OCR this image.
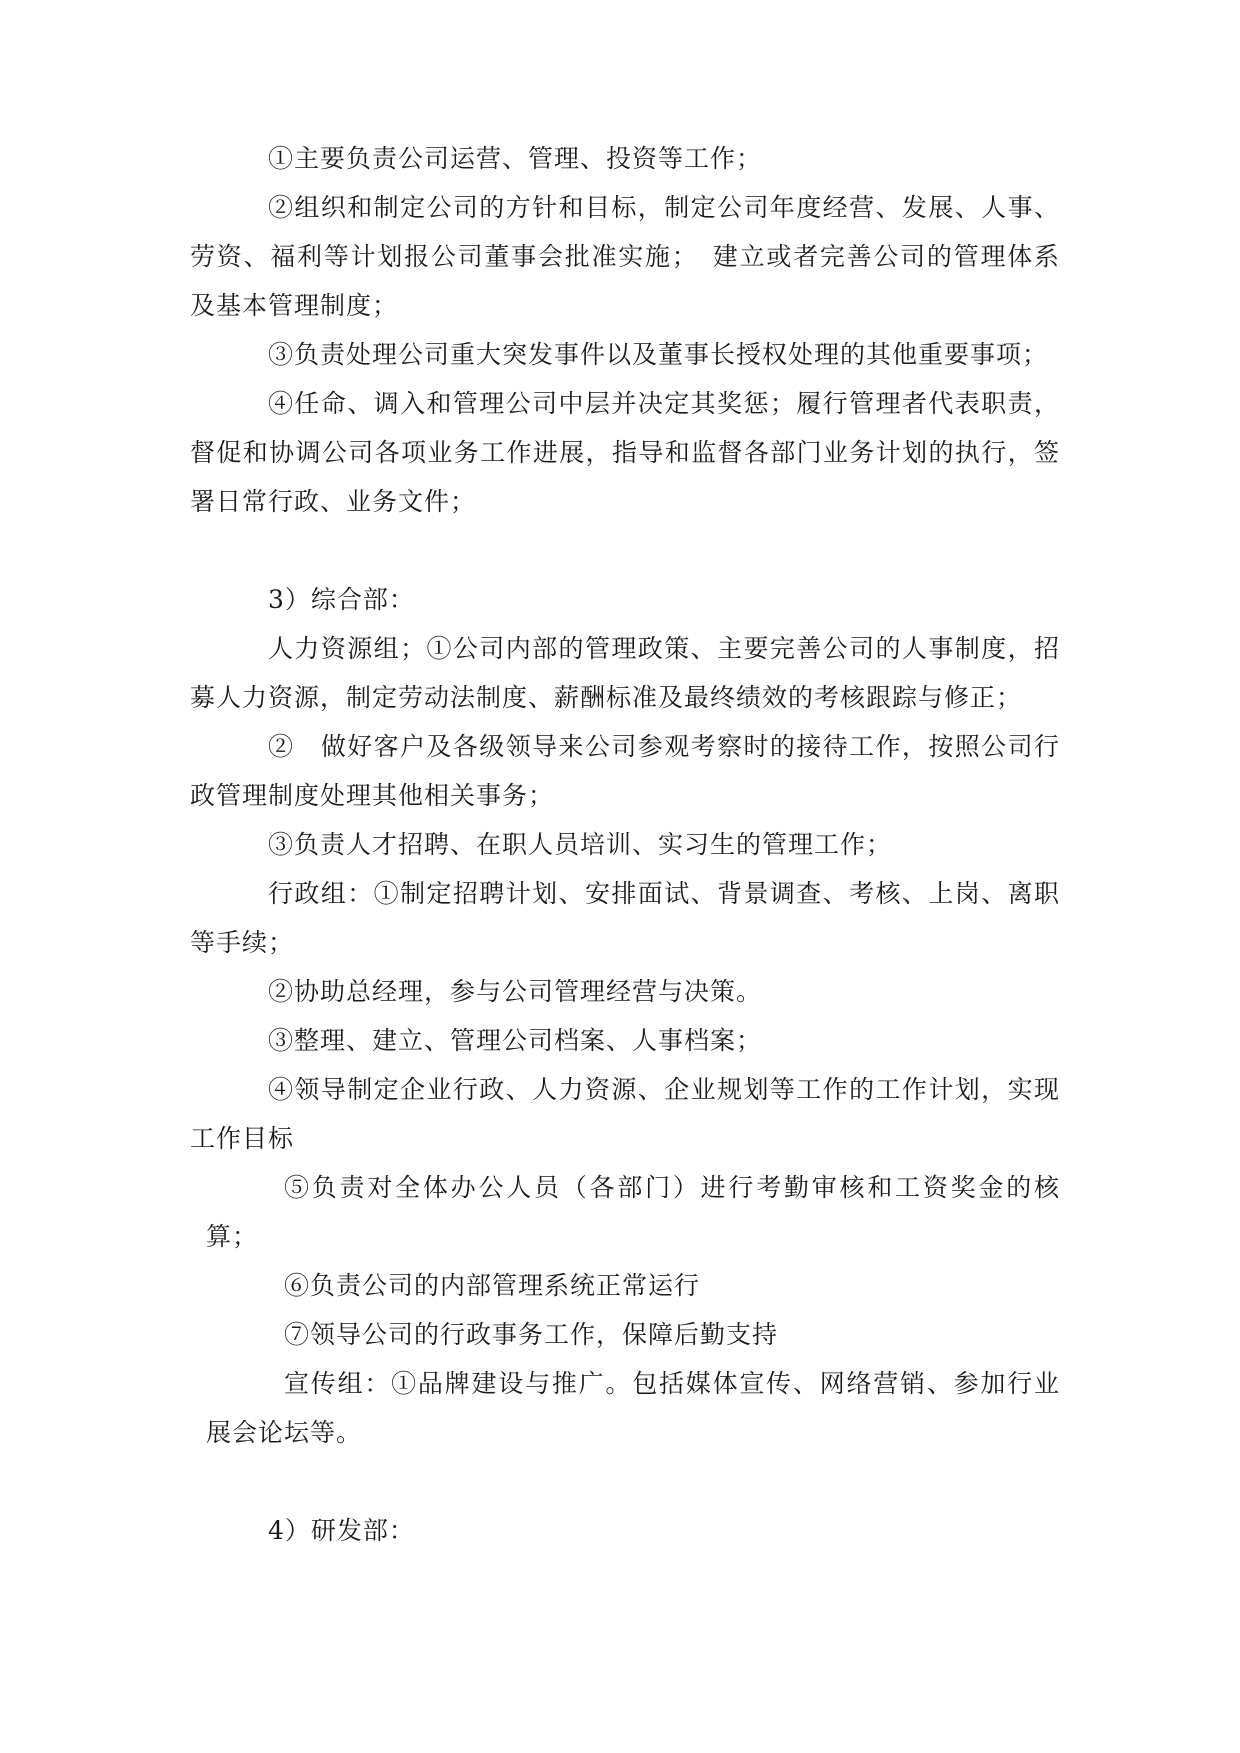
①主要负责公司运营、管理、投资等工作；

②组织和制定公司的方针和目标，制定公司年度经营、发展、人事、劳资、福利等计划报公司董事会批准实施；　建立或者完善公司的管理体系及基本管理制度；

③负责处理公司重大突发事件以及董事长授权处理的其他重要事项；

④任命、调入和管理公司中层并决定其奖惩；履行管理者代表职责，督促和协调公司各项业务工作进展，指导和监督各部门业务计划的执行，签署日常行政、业务文件；

3）综合部：

人力资源组；①公司内部的管理政策、主要完善公司的人事制度，招募人力资源，制定劳动法制度、薪酬标准及最终绩效的考核跟踪与修正；

②　做好客户及各级领导来公司参观考察时的接待工作，按照公司行政管理制度处理其他相关事务；

③负责人才招聘、在职人员培训、实习生的管理工作；

行政组：①制定招聘计划、安排面试、背景调查、考核、上岗、离职等手续；

②协助总经理，参与公司管理经营与决策。

③整理、建立、管理公司档案、人事档案；

④领导制定企业行政、人力资源、企业规划等工作的工作计划，实现工作目标

⑤负责对全体办公人员（各部门）进行考勤审核和工资奖金的核算；

⑥负责公司的内部管理系统正常运行

⑦领导公司的行政事务工作，保障后勤支持

宣传组：①品牌建设与推广。包括媒体宣传、网络营销、参加行业展会论坛等。

4）研发部：
